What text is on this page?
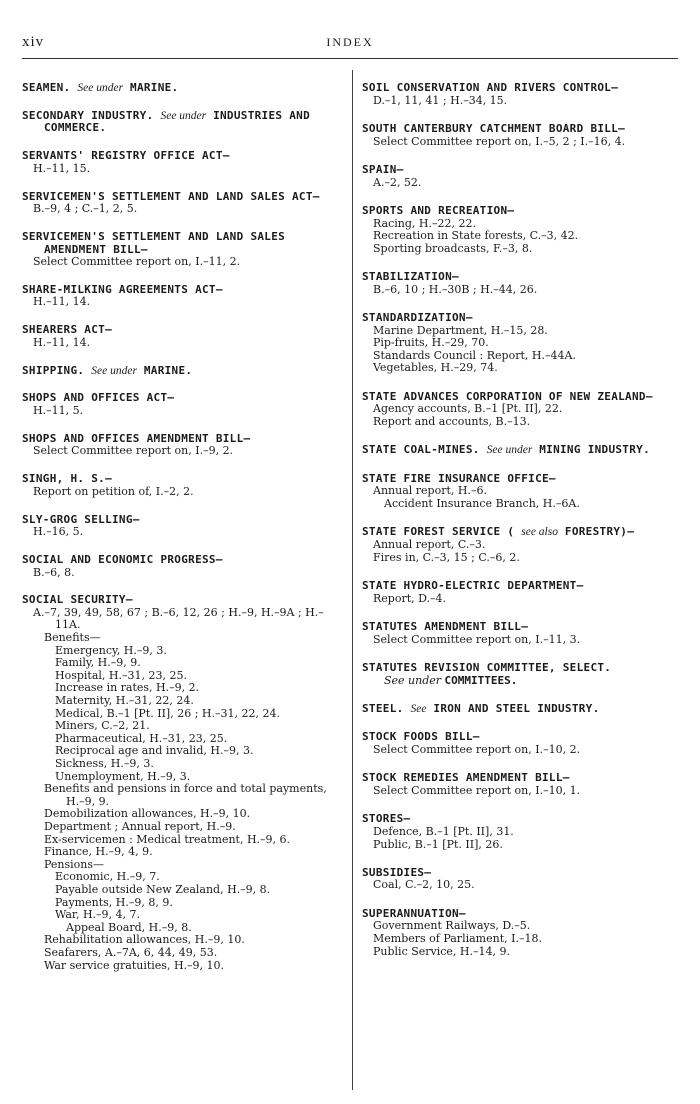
xiv	INDEX
SEAMEN. See under MARINE.
SECONDARY INDUSTRY. See under INDUSTRIES AND COMMERCE.
SERVANTS' REGISTRY OFFICE ACT—
H.–11, 15.
SERVICEMEN'S SETTLEMENT AND LAND SALES ACT—
B.–9, 4 ; C.–1, 2, 5.
SERVICEMEN'S SETTLEMENT AND LAND SALES AMENDMENT BILL—
Select Committee report on, I.–11, 2.
SHARE-MILKING AGREEMENTS ACT—
H.–11, 14.
SHEARERS ACT—
H.–11, 14.
SHIPPING. See under MARINE.
SHOPS AND OFFICES ACT—
H.–11, 5.
SHOPS AND OFFICES AMENDMENT BILL—
Select Committee report on, I.–9, 2.
SINGH, H. S.—
Report on petition of, I.–2, 2.
SLY-GROG SELLING—
H.–16, 5.
SOCIAL AND ECONOMIC PROGRESS—
B.–6, 8.
SOCIAL SECURITY—
A.–7, 39, 49, 58, 67 ; B.–6, 12, 26 ; H.–9, H.–9A ; H.–11A.
Benefits—
Emergency, H.–9, 3.
Family, H.–9, 9.
Hospital, H.–31, 23, 25.
Increase in rates, H.–9, 2.
Maternity, H.–31, 22, 24.
Medical, B.–1 [Pt. II], 26 ; H.–31, 22, 24.
Miners, C.–2, 21.
Pharmaceutical, H.–31, 23, 25.
Reciprocal age and invalid, H.–9, 3.
Sickness, H.–9, 3.
Unemployment, H.–9, 3.
Benefits and pensions in force and total payments, H.–9, 9.
Demobilization allowances, H.–9, 10.
Department ; Annual report, H.–9.
Ex-servicemen : Medical treatment, H.–9, 6.
Finance, H.–9, 4, 9.
Pensions—
Economic, H.–9, 7.
Payable outside New Zealand, H.–9, 8.
Payments, H.–9, 8, 9.
War, H.–9, 4, 7.
Appeal Board, H.–9, 8.
Rehabilitation allowances, H.–9, 10.
Seafarers, A.–7A, 6, 44, 49, 53.
War service gratuities, H.–9, 10.
SOIL CONSERVATION AND RIVERS CONTROL—
D.–1, 11, 41 ; H.–34, 15.
SOUTH CANTERBURY CATCHMENT BOARD BILL—
Select Committee report on, I.–5, 2 ; I.–16, 4.
SPAIN—
A.–2, 52.
SPORTS AND RECREATION—
Racing, H.–22, 22.
Recreation in State forests, C.–3, 42.
Sporting broadcasts, F.–3, 8.
STABILIZATION—
B.–6, 10 ; H.–30B ; H.–44, 26.
STANDARDIZATION—
Marine Department, H.–15, 28.
Pip-fruits, H.–29, 70.
Standards Council : Report, H.–44A.
Vegetables, H.–29, 74.
STATE ADVANCES CORPORATION OF NEW ZEALAND—
Agency accounts, B.–1 [Pt. II], 22.
Report and accounts, B.–13.
STATE COAL-MINES. See under MINING INDUSTRY.
STATE FIRE INSURANCE OFFICE—
Annual report, H.–6.
Accident Insurance Branch, H.–6A.
STATE FOREST SERVICE ( see also FORESTRY)—
Annual report, C.–3.
Fires in, C.–3, 15 ; C.–6, 2.
STATE HYDRO-ELECTRIC DEPARTMENT—
Report, D.–4.
STATUTES AMENDMENT BILL—
Select Committee report on, I.–11, 3.
STATUTES REVISION COMMITTEE, SELECT.
See under COMMITTEES.
STEEL. See IRON AND STEEL INDUSTRY.
STOCK FOODS BILL—
Select Committee report on, I.–10, 2.
STOCK REMEDIES AMENDMENT BILL—
Select Committee report on, I.–10, 1.
STORES—
Defence, B.–1 [Pt. II], 31.
Public, B.–1 [Pt. II], 26.
SUBSIDIES—
Coal, C.–2, 10, 25.
SUPERANNUATION—
Government Railways, D.–5.
Members of Parliament, I.–18.
Public Service, H.–14, 9.
